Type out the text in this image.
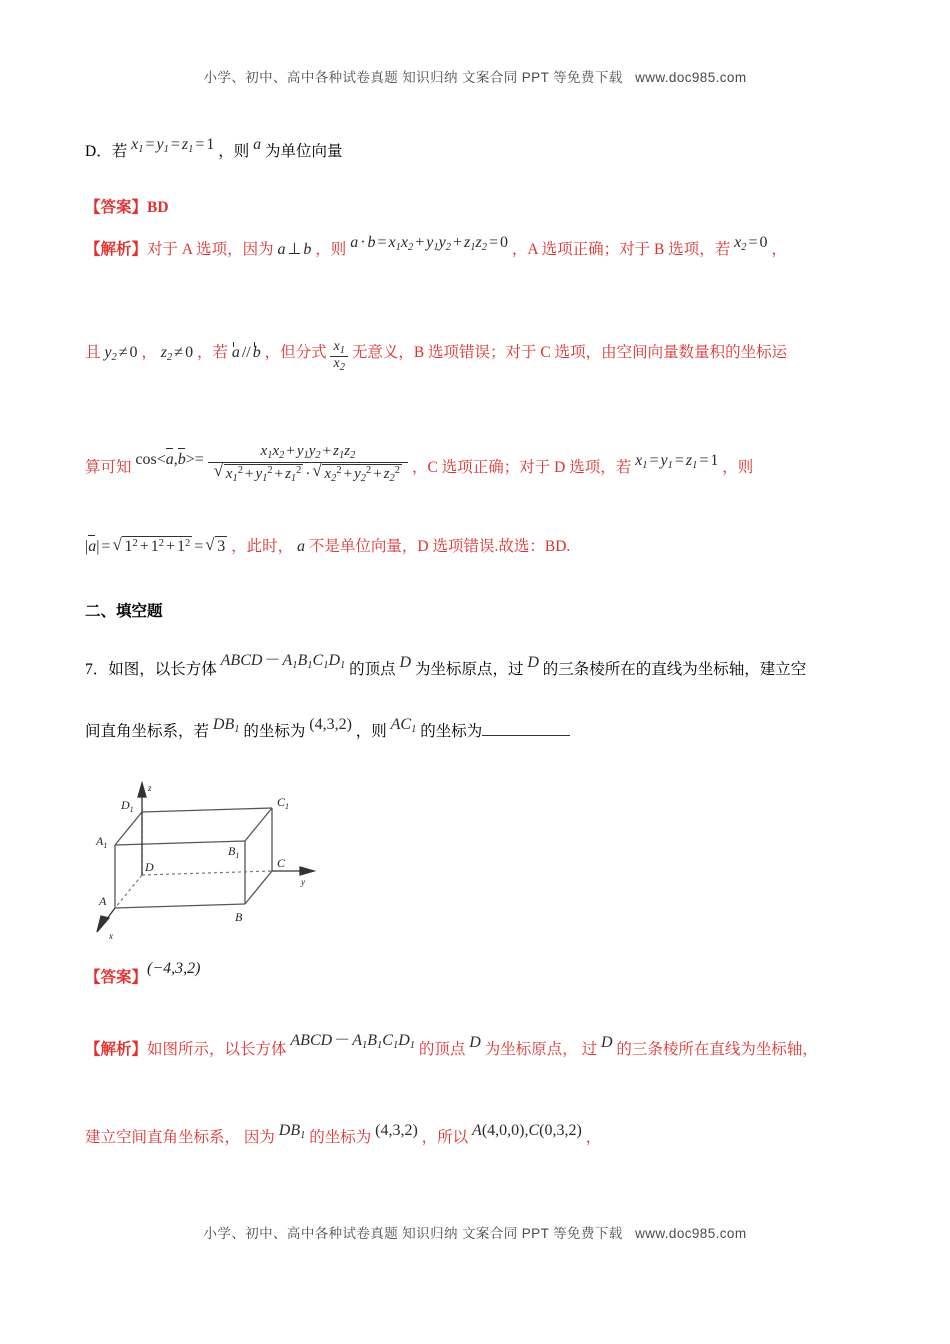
小学、初中、高中各种试卷真题 知识归纳 文案合同 PPT 等免费下载   www.doc985.com
D．若 $x_1 = y_1 = z_1 = 1$ ，则 a 为单位向量
【答案】BD
【解析】对于 A 选项，因为 a ⊥ b ，则 $a \cdot b = x_1x_2 + y_1y_2 + z_1z_2 = 0$ ，A 选项正确；对于 B 选项，若 $x_2 = 0$ ，
且 $y_2 \ne 0$ ， $z_2 \ne 0$ ，若 a // b ，但分式 $\frac{x_1}{x_2}$ 无意义，B 选项错误；对于 C 选项，由空间向量数量积的坐标运
算可知 $\cos<a,b>= x_1x_2 + y_1y_2 + z_1z_2$
√ $x_1^2 + y_1^2 + z_1^2$ · √ $x_2^2 + y_2^2 + z_2^2$ ，C 选项正确；对于 D 选项，若 $x_1 = y_1 = z_1 = 1$ ，则
|a| = √ $1^2 + 1^2 + 1^2$ = √ 3 ，此时， a 不是单位向量，D 选项错误.故选：BD.
二、填空题
7．如图，以长方体 ABCD － $A_1B_1C_1D_1$ 的顶点 D 为坐标原点，过 D 的三条棱所在的直线为坐标轴，建立空
间直角坐标系，若 $DB_1$ 的坐标为 (4,3,2) ，则 $AC_1$ 的坐标为
$D_1$
$C_1$
$A_1$	$B_1$
D	C
A
B
z
y
x
【答案】(−4,3,2)
【解析】如图所示，以长方体 ABCD － $A_1B_1C_1D_1$ 的顶点 D 为坐标原点， 过 D 的三条棱所在直线为坐标轴，
建立空间直角坐标系， 因为 $DB_1$ 的坐标为 (4,3,2) ，所以 A(4,0,0),C(0,3,2) ，
小学、初中、高中各种试卷真题 知识归纳 文案合同 PPT 等免费下载   www.doc985.com
